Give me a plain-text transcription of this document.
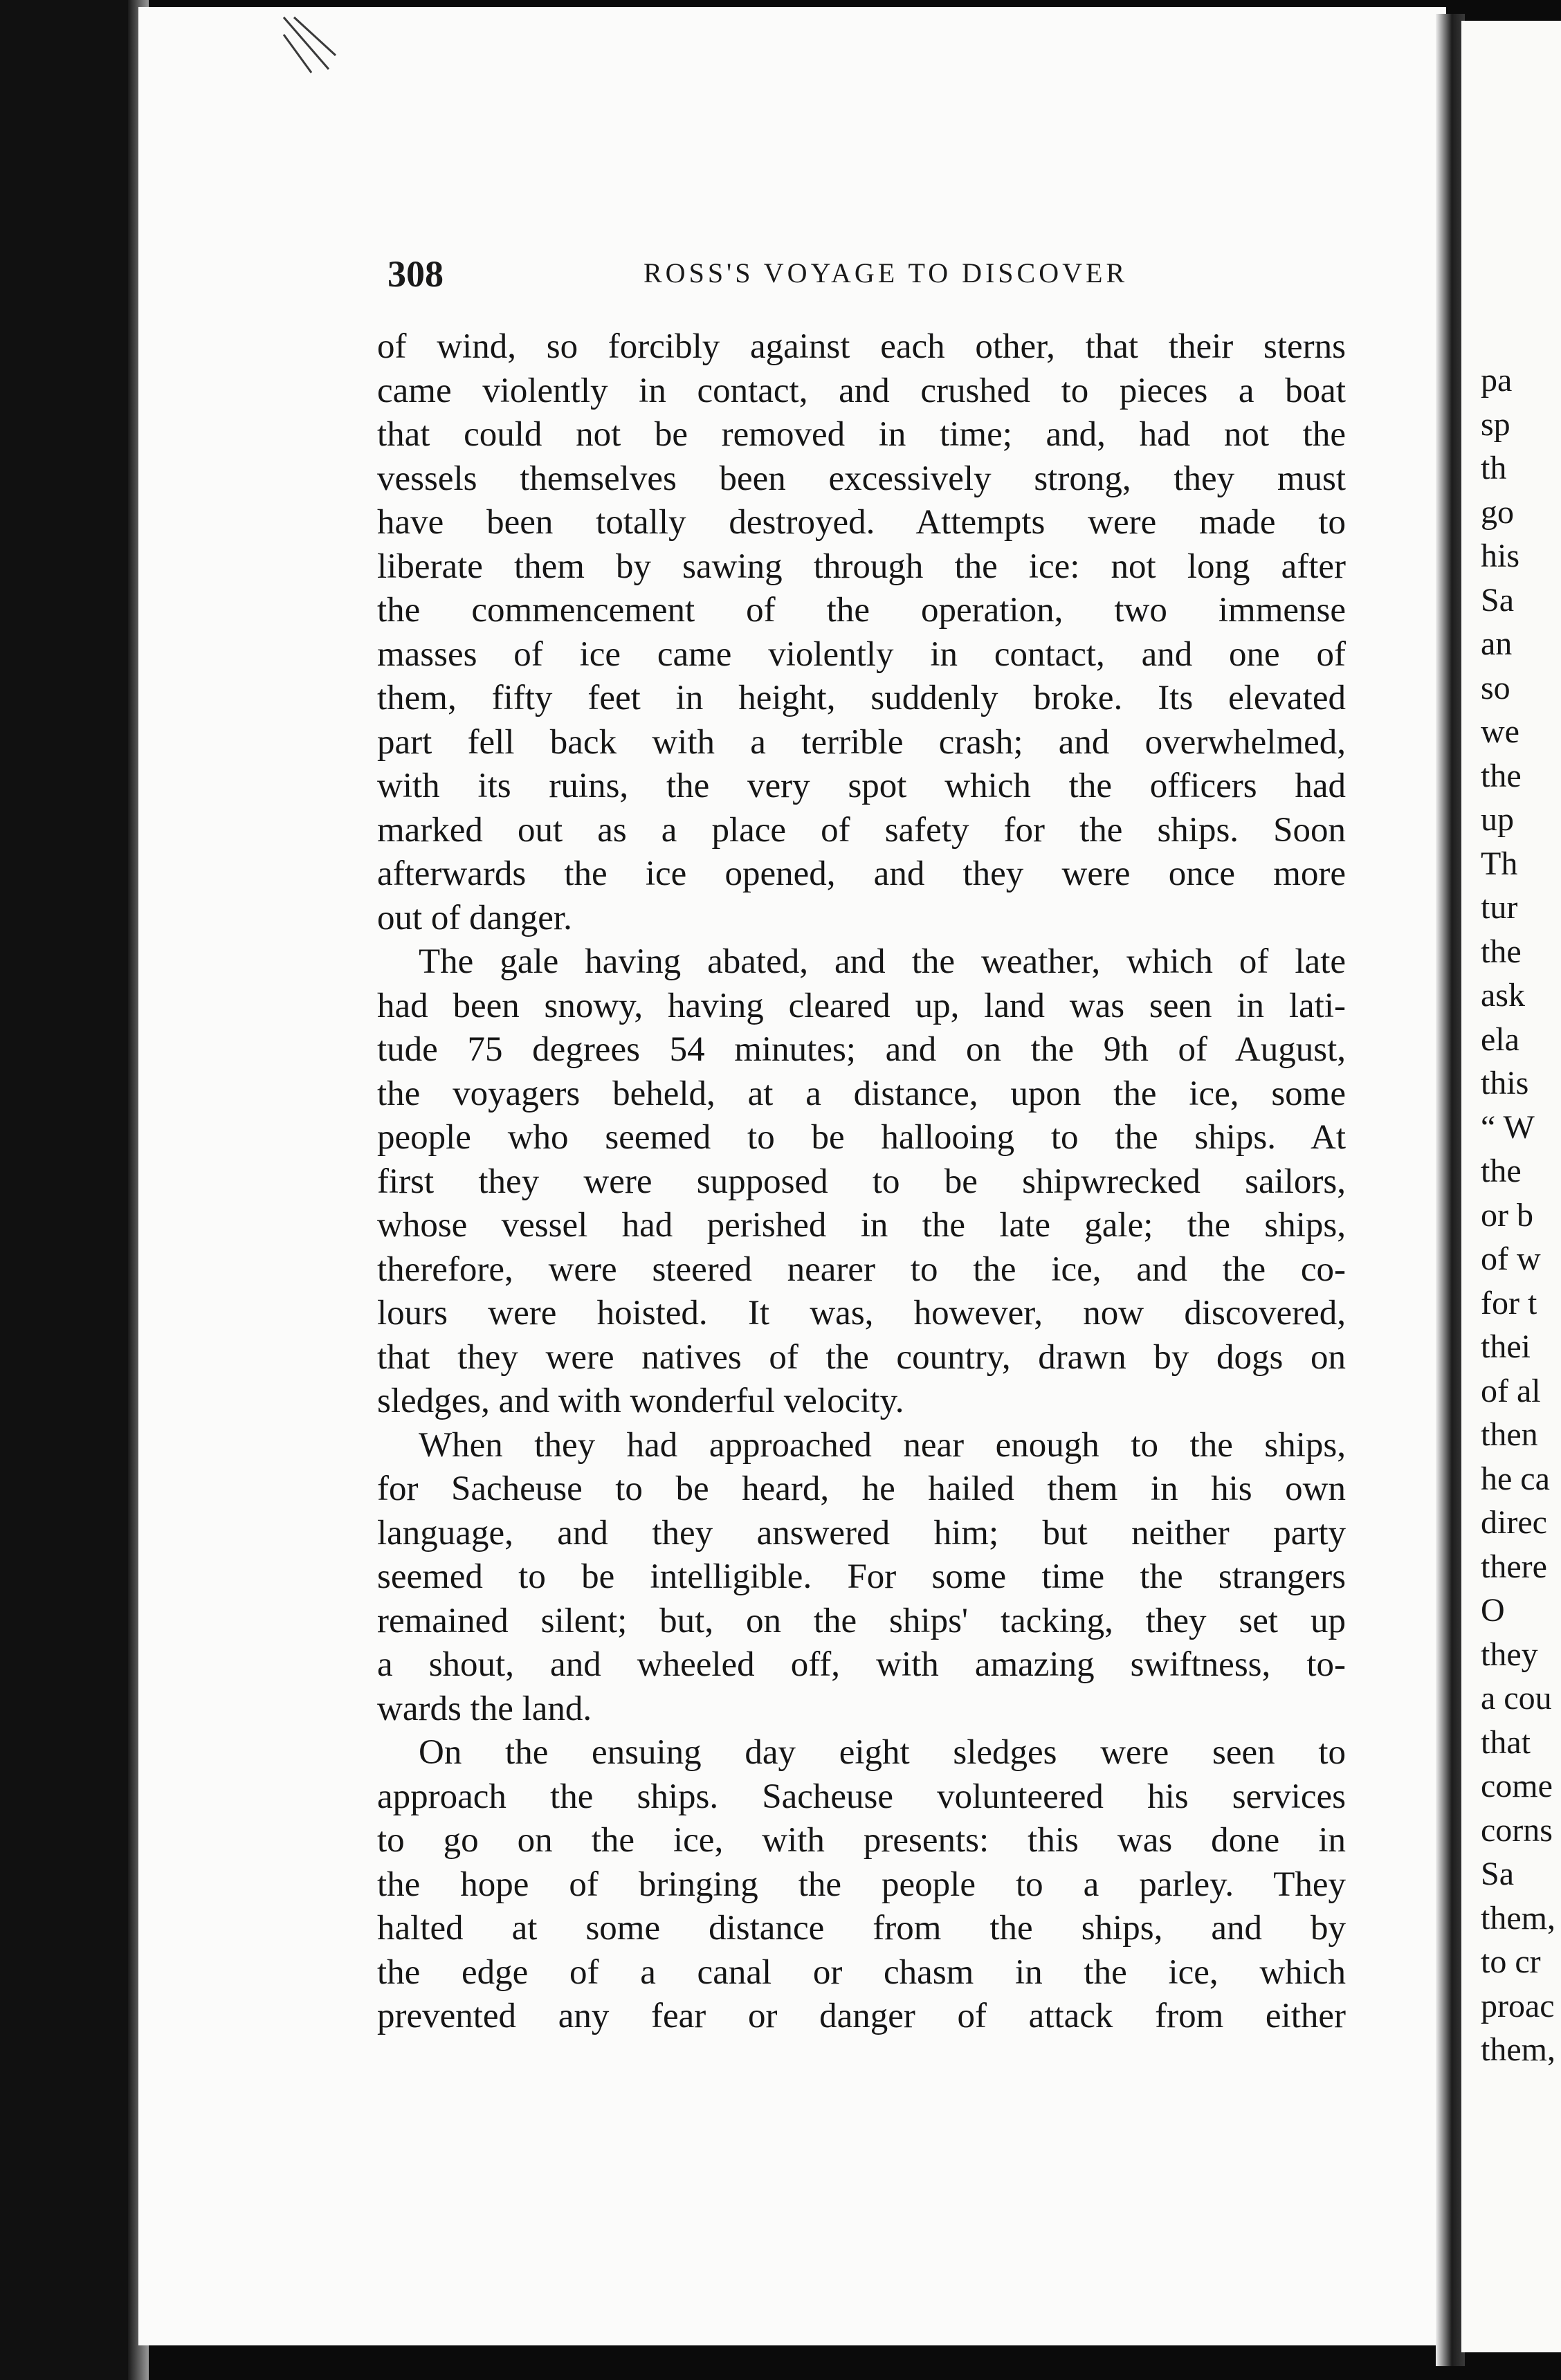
308	ROSS'S VOYAGE TO DISCOVER
of wind, so forcibly against each other, that their sterns
came violently in contact, and crushed to pieces a boat
that could not be removed in time; and, had not the
vessels themselves been excessively strong, they must
have been totally destroyed. Attempts were made to
liberate them by sawing through the ice: not long after
the commencement of the operation, two immense
masses of ice came violently in contact, and one of
them, fifty feet in height, suddenly broke. Its elevated
part fell back with a terrible crash; and overwhelmed,
with its ruins, the very spot which the officers had
marked out as a place of safety for the ships. Soon
afterwards the ice opened, and they were once more
out of danger.
The gale having abated, and the weather, which of late
had been snowy, having cleared up, land was seen in lati-
tude 75 degrees 54 minutes; and on the 9th of August,
the voyagers beheld, at a distance, upon the ice, some
people who seemed to be hallooing to the ships. At
first they were supposed to be shipwrecked sailors,
whose vessel had perished in the late gale; the ships,
therefore, were steered nearer to the ice, and the co-
lours were hoisted. It was, however, now discovered,
that they were natives of the country, drawn by dogs on
sledges, and with wonderful velocity.
When they had approached near enough to the ships,
for Sacheuse to be heard, he hailed them in his own
language, and they answered him; but neither party
seemed to be intelligible. For some time the strangers
remained silent; but, on the ships' tacking, they set up
a shout, and wheeled off, with amazing swiftness, to-
wards the land.
On the ensuing day eight sledges were seen to
approach the ships. Sacheuse volunteered his services
to go on the ice, with presents: this was done in
the hope of bringing the people to a parley. They
halted at some distance from the ships, and by
the edge of a canal or chasm in the ice, which
prevented any fear or danger of attack from either
pa
sp
th
go
his
Sa
an
so
we
the
up
Th
tur
the
ask
ela
this
“ W
the
or b
of w
for t
thei
of al
then
he ca
direc
there
O
they
a cou
that
come
corns
Sa
them,
to cr
proac
them,
